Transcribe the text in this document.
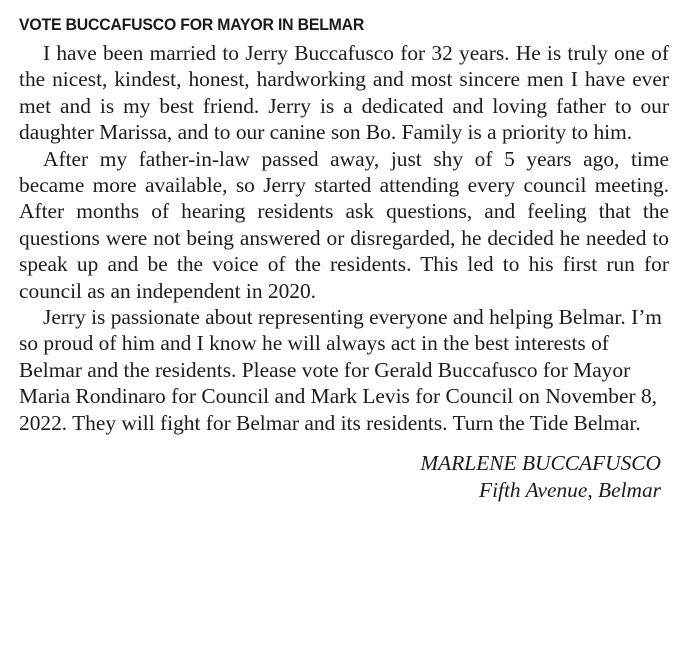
VOTE BUCCAFUSCO FOR MAYOR IN BELMAR

I have been married to Jerry Buccafusco for 32 years. He is truly one of the nicest, kindest, honest, hardworking and most sincere men I have ever met and is my best friend. Jerry is a dedicated and loving father to our daughter Marissa, and to our canine son Bo. Family is a priority to him.

After my father-in-law passed away, just shy of 5 years ago, time became more available, so Jerry started attending every council meeting. After months of hearing residents ask questions, and feeling that the questions were not being answered or disregarded, he decided he needed to speak up and be the voice of the residents. This led to his first run for council as an independent in 2020.

Jerry is passionate about representing everyone and helping Belmar. I’m so proud of him and I know he will always act in the best interests of Belmar and the residents. Please vote for Gerald Buccafusco for Mayor Maria Rondinaro for Council and Mark Levis for Council on November 8, 2022. They will fight for Belmar and its residents. Turn the Tide Belmar.

MARLENE BUCCAFUSCO
Fifth Avenue, Belmar
